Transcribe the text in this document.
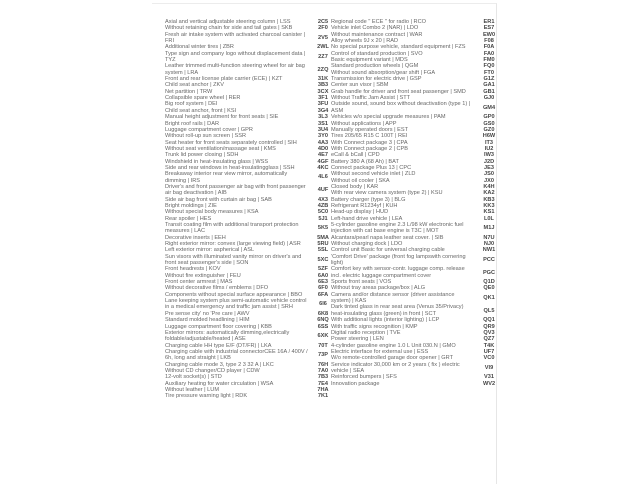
Axial and vertical adjustable steering column | LSS	2C5
Without retaining chain for side and tail gates | SKB	2F0
Fresh air intake system with activated charcoal canister | FRI
2V5
Additional winter tires | ZBR	2WL
Type sign and company logo without displacement data | TYZ
2Z7
Leather trimmed multi-function steering wheel for air bag system | LRA
2ZQ
Front and rear license plate carrier (ECE) | KZT	31K
Child seat anchor | ZKV	3B3
Net partition | TRW	3CX
Collapsible spare wheel | RER	3F1
Big roof system | DEI	3FU
Child seat anchor, front | KSI	3G4
Manual height adjustment for front seats | SIE	3L3
Bright roof rails | DAR	3S1
Luggage compartment cover | GPR	3U4
Without roll-up sun screen | SSR	3Y0
Seat heater for front seats separately controlled | SIH	4A3
Without seat ventilation/massage seat | KMS	4D0
Trunk lid power closing | SDH	4E7
Windshield in heat-insulating glass | WSS	4GF
Side and rear windows in heat-insulatingglass | SSH	4KC
Breakaway interior rear view mirror, automatically dimming | IRS
4L6
Driver's and front passenger air bag with front passenger air bag deactivation | AIB
4UF
Side air bag front with curtain air bag | SAB	4X3
Bright moldings | ZIE	4ZB
Without special body measures | KSA	5C0
Rear spoiler | HES	5J1
Transit coating film with additional transport protection measures | LAC
5K5
Decorative inserts | EEH	5MA
Right exterior mirror: convex (large viewing field) | ASR	5RU
Left exterior mirror: aspherical | ASL	5SL
Sun visors with illuminated vanity mirror on driver's and front seat passenger's side | SON
5XC
Front headrests | KOV	5ZF
Without fire extinguisher | FEU	6A0
Front center armrest | MAS	6E3
Without decorative films / emblems | DFO	6F0
Components without special surface appearance | BBO	6FA
Lane keeping system plus semi-automatic vehicle control in a medical emergency and traffic jam assist | SRH
6I6
Pre sense city' no 'Pre care | AWV	6K8
Standard molded headlining | HIM	6NQ
Luggage compartment floor covering | KBB	6SS
Exterior mirrors: automatically dimming,electrically foldable/adjustable/heated | ASE
6XK
Charging cable HH type E/F (DT/FR) | LKA	70T
Charging cable with industrial connectorCEE 16A / 400V / 6h, long and straight | LKB
73P
Charging cable mode 3, type 2 3 32 A | LKC	76H
Without CD changer/CD player | CDW	7A0
12-volt socket(s) | STD	7B3
Auxiliary heating for water circulation | WSA	7E4
Without leather | LUM	7HA
Tire pressure warning light | RDK	7K1
Regional code " ECE " for radio | RCO	ER1
Vehicle inlet Combo 2 (NAR) | LDO	ES7
Without maintenance contract | WAR	EW0
Alloy wheels 9J x 20 | RAD	F08
No special purpose vehicle, standard equipment | FZS	F0A
Control of standard production | SVO	FA0
Basic equipment variant | MDS	FM0
Standard production wheels | QGM	FQ0
Without sound absorption/gear shift | FGA	FT0
Transmission for electric drive | GSP	G1Z
Center sun visor | SBM	GA1
Grab handle for driver and front seat passenger | SMD	GB1
Without Traffic Jam Assist | STT	GJ0
Outside sound, sound box without deactivation (type 1) | ASM
GM4
Vehicles w/o special upgrade measures | PAM	GP0
Without applications | APP	GS0
Manually operated doors | EST	GZ0
Tires 205/65 R15 C 100T | REI	H6W
With Connect package 3 | CPA	IT3
With Connect package 2 | CPB	IU2
eCall & bCall | CPD	IW3
Battery 380 A (68 Ah) | BAT	J2D
Connect package Plus 13 | CPC	JE3
Without second vehicle inlet | ZLD	JS0
Without oil cooler | SKA	JX0
Closed body | KAR	K4H
With rear view camera system (type 2) | KSU	KA2
Battery charger (type 3) | BLG	KB3
Refrigerant R1234yf | KUH	KK3
Head-up display | HUD	KS1
Left-hand drive vehicle | LEA	L0L
5-cylinder gasoline engine 2.3 L/98 kW electronic fuel injection with cat base engine is T3C | MOT
M1J
Alcantara/pearl napa leather seat cover. | SIB	N7U
Without charging dock | LDO	NJ0
Control unit Basic for universal charging cable	NW1
'Comfort Drive' package (front fog lampswith cornering light)
PCC
Comfort key with sensor-contr. luggage comp. release incl. electric luggage compartment cover
PGC
Sports front seats | VOS	Q1D
Without tray areas package/box | ALG	QE0
Camera and/or distance sensor (driver assistance system) | KAS
QK1
Dark tinted glass in rear seat area (Venus 35/Privacy) heat-insulating glass (green) in front | SCT
QL5
With additional lights (interior lighting) | LCP	QQ1
With traffic signs recognition | KMP	QR9
Digital radio reception | TVE	QV3
Power steering | LEN	QZ7
4-cylinder gasoline engine 1.0 L Unit 030.N | GMO	T4K
Electric interface for external use | ESS	UF7
W/o remote-controlled garage door opener | GRT	VC0
Service indicator 30,000 km or 2 years ( fix ) electric vehicle | SEA
VI9
Reinforced bumpers | SFS	V31
Innovation package	WV2
